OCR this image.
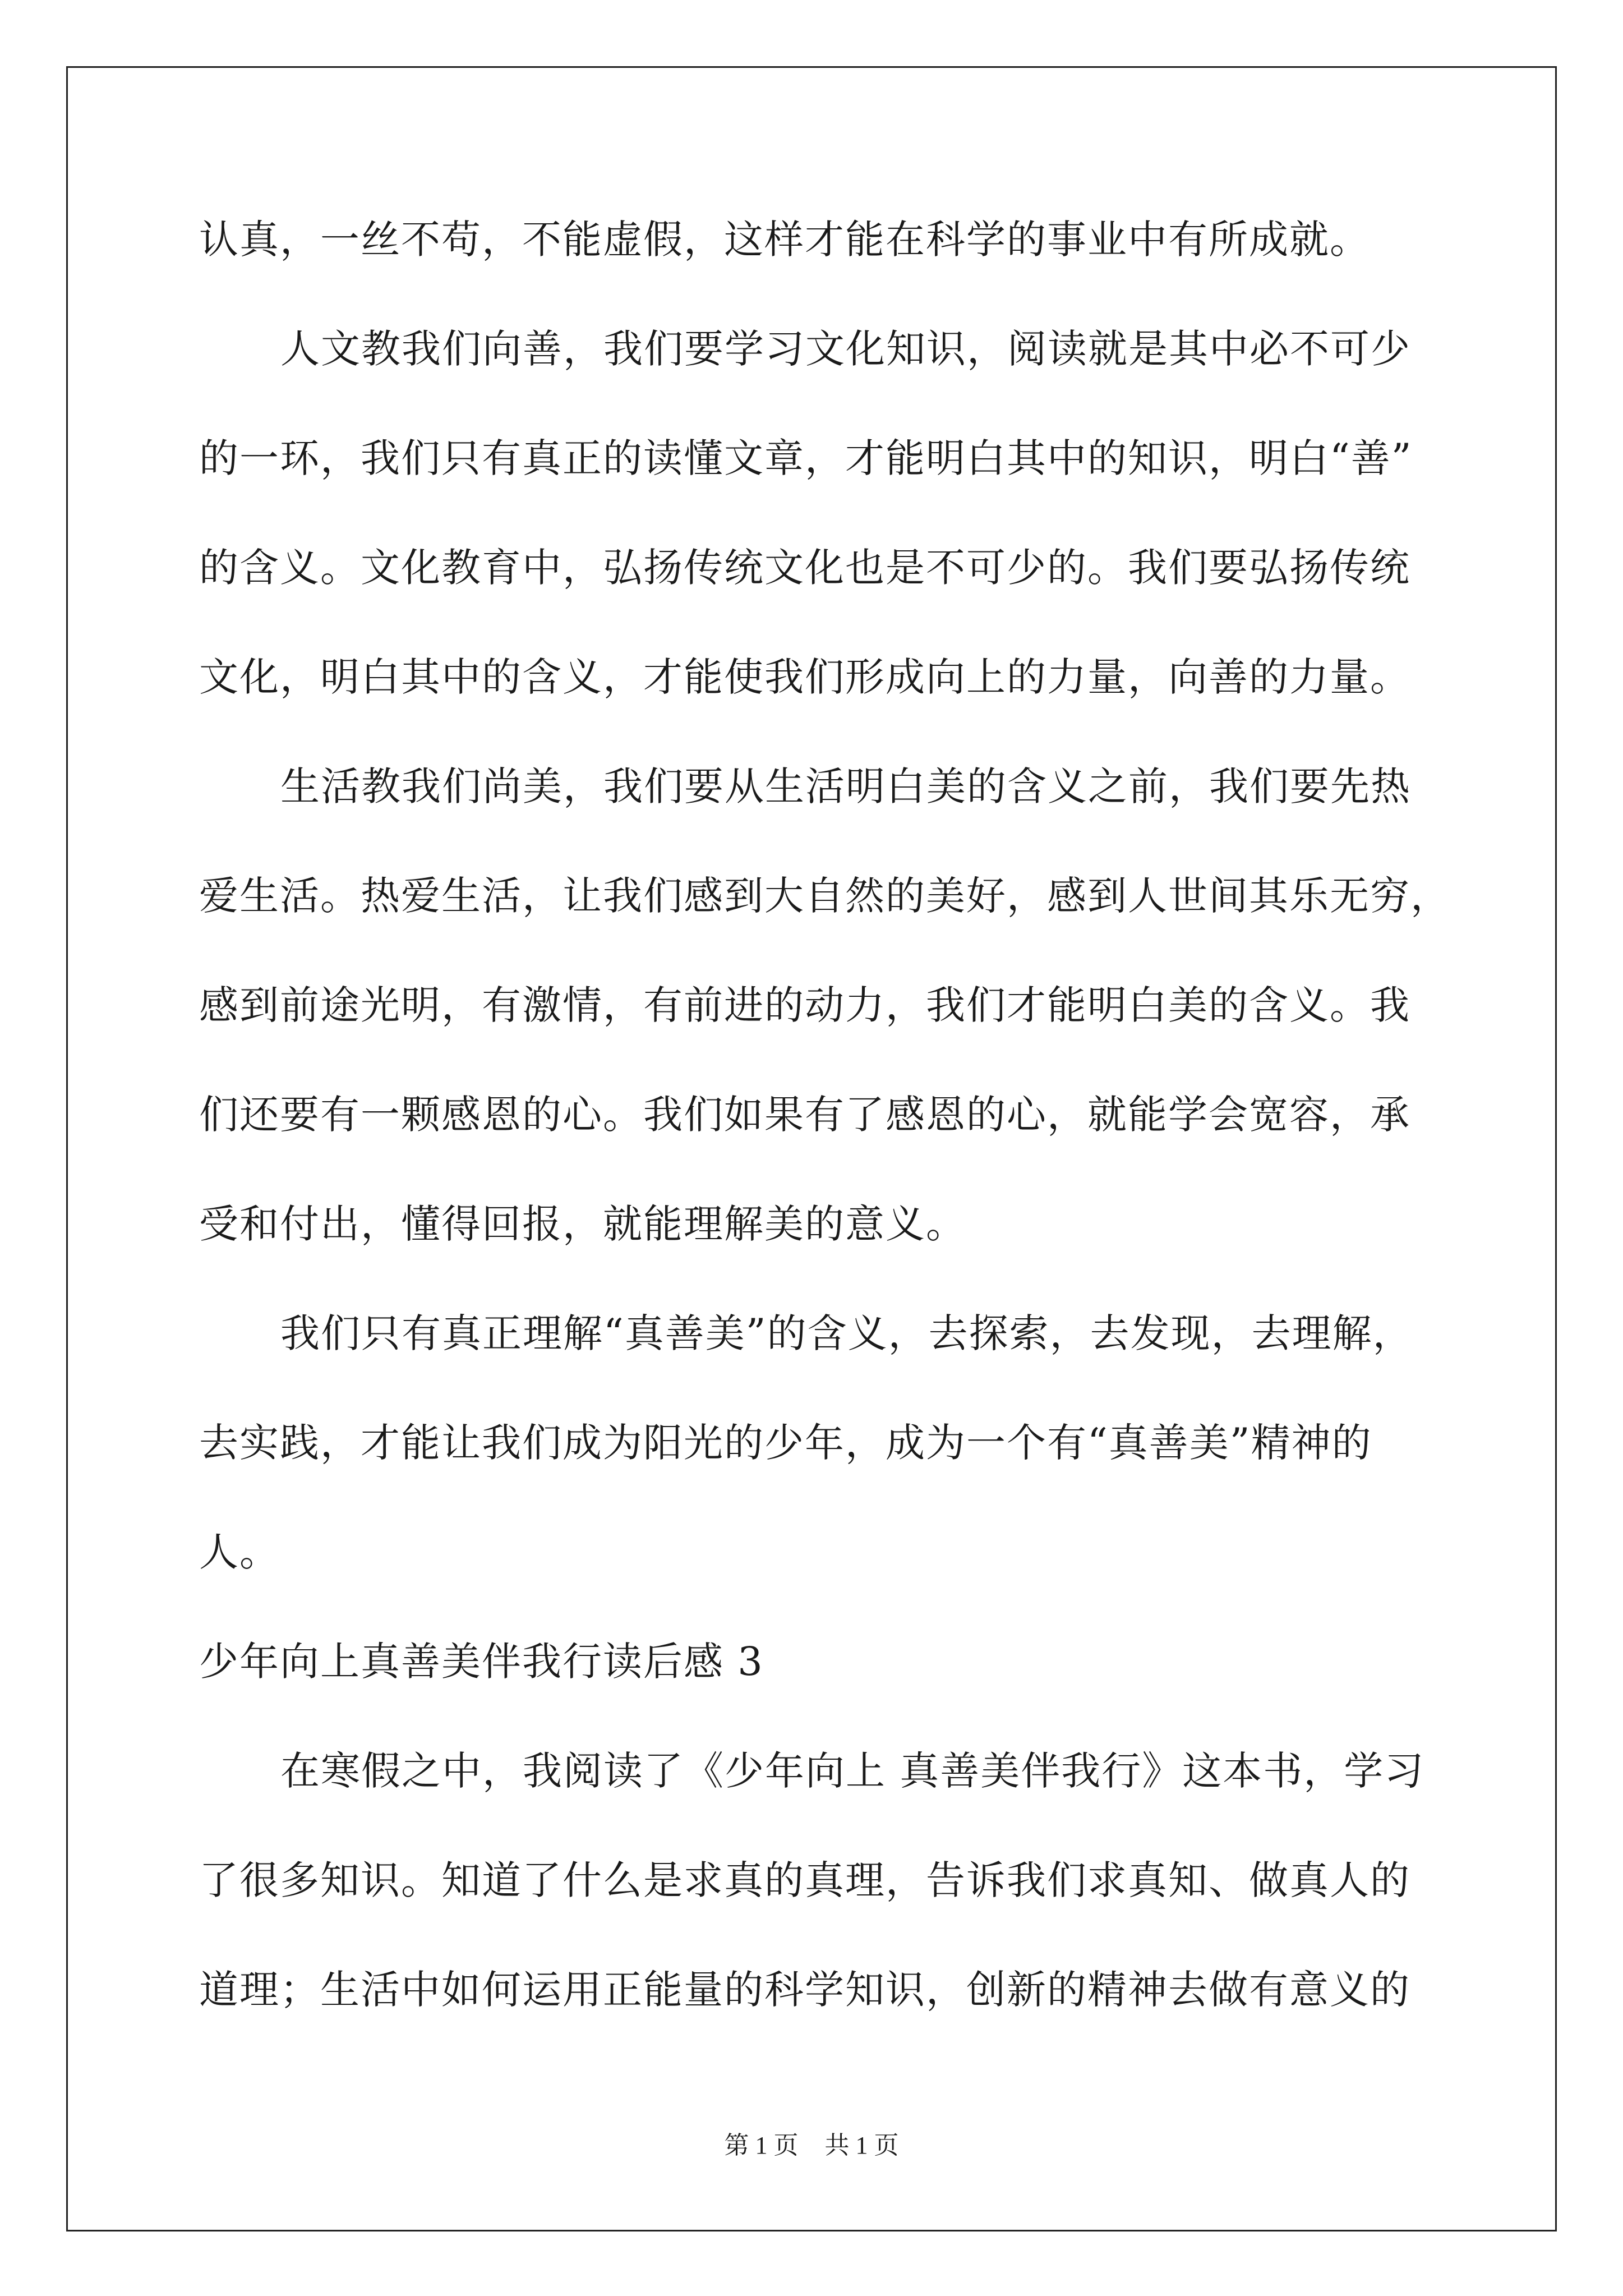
认真，一丝不苟，不能虚假，这样才能在科学的事业中有所成就。
人文教我们向善，我们要学习文化知识，阅读就是其中必不可少
的一环，我们只有真正的读懂文章，才能明白其中的知识，明白“善”
的含义。文化教育中，弘扬传统文化也是不可少的。我们要弘扬传统
文化，明白其中的含义，才能使我们形成向上的力量，向善的力量。
生活教我们尚美，我们要从生活明白美的含义之前，我们要先热
爱生活。热爱生活，让我们感到大自然的美好，感到人世间其乐无穷，
感到前途光明，有激情，有前进的动力，我们才能明白美的含义。我
们还要有一颗感恩的心。我们如果有了感恩的心，就能学会宽容，承
受和付出，懂得回报，就能理解美的意义。
我们只有真正理解“真善美”的含义，去探索，去发现，去理解，
去实践，才能让我们成为阳光的少年，成为一个有“真善美”精神的
人。
少年向上真善美伴我行读后感 3
在寒假之中，我阅读了《少年向上 真善美伴我行》这本书，学习
了很多知识。知道了什么是求真的真理，告诉我们求真知、做真人的
道理；生活中如何运用正能量的科学知识，创新的精神去做有意义的
第 1 页 共 1 页
